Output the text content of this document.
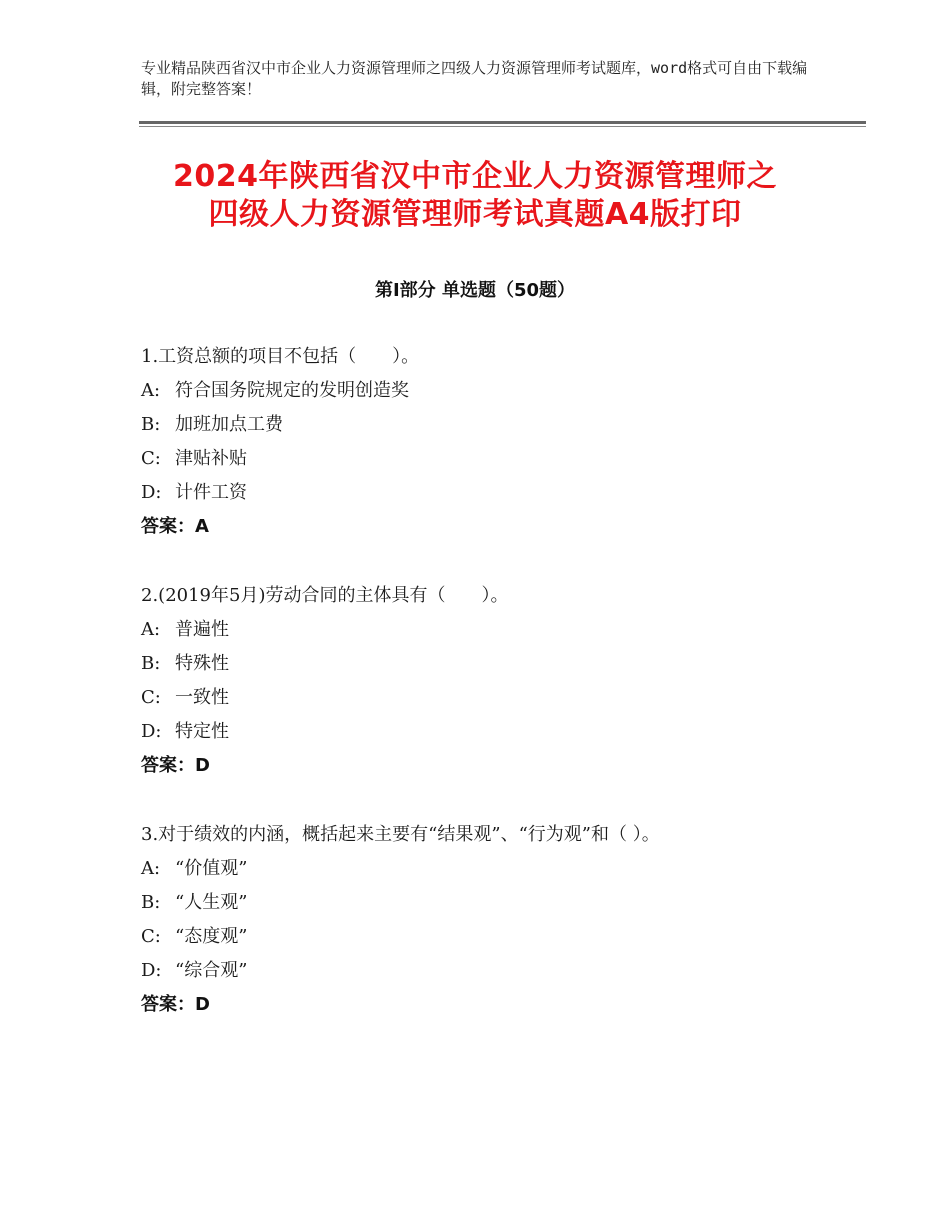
专业精品陕西省汉中市企业人力资源管理师之四级人力资源管理师考试题库，word格式可自由下载编辑，附完整答案！
2024年陕西省汉中市企业人力资源管理师之
四级人力资源管理师考试真题A4版打印
第Ⅰ部分 单选题（50题）

1.工资总额的项目不包括（　　）。

A: 符合国务院规定的发明创造奖

B: 加班加点工费

C: 津贴补贴

D: 计件工资

答案：A

2.(2019年5月)劳动合同的主体具有（　　）。

A: 普遍性

B: 特殊性

C: 一致性

D: 特定性

答案：D

3.对于绩效的内涵，概括起来主要有“结果观”、“行为观”和（ ）。

A: “价值观”

B: “人生观”

C: “态度观”

D: “综合观”

答案：D
